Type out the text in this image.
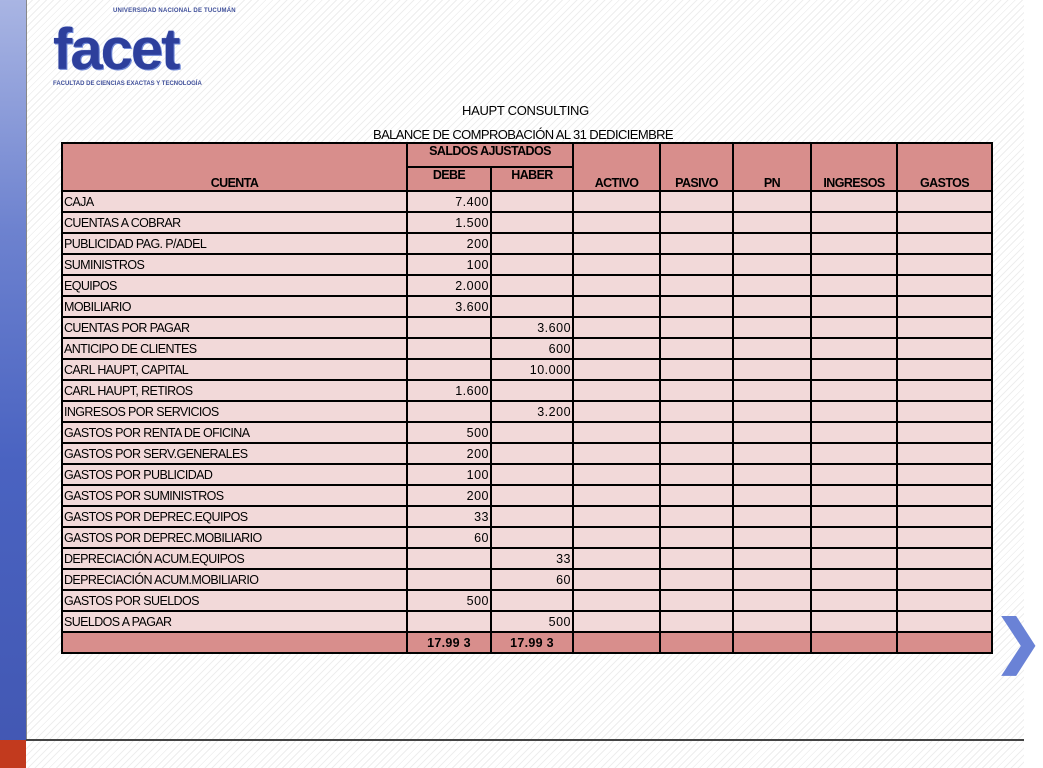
UNIVERSIDAD NACIONAL DE TUCUMÁN
facet
FACULTAD DE CIENCIAS EXACTAS Y TECNOLOGÍA
HAUPT CONSULTING
BALANCE DE COMPROBACIÓN AL 31 DEDICIEMBRE
CUENTA	SALDOS AJUSTADOS		ACTIVO	PASIVO	PN	INGRESOS	GASTOS
	DEBE	HABER					
CAJA	7.400						
CUENTAS A COBRAR	1.500						
PUBLICIDAD PAG. P/ADEL	200						
SUMINISTROS	100						
EQUIPOS	2.000						
MOBILIARIO	3.600						
CUENTAS POR PAGAR		3.600					
ANTICIPO DE CLIENTES		600					
CARL HAUPT, CAPITAL		10.000					
CARL HAUPT, RETIROS	1.600						
INGRESOS POR SERVICIOS		3.200					
GASTOS POR RENTA DE OFICINA	500						
GASTOS POR SERV.GENERALES	200						
GASTOS POR PUBLICIDAD	100						
GASTOS POR SUMINISTROS	200						
GASTOS POR DEPREC.EQUIPOS	33						
GASTOS POR DEPREC.MOBILIARIO	60						
DEPRECIACIÓN ACUM.EQUIPOS		33					
DEPRECIACIÓN ACUM.MOBILIARIO		60					
GASTOS POR SUELDOS	500						
SUELDOS A PAGAR		500					
	17.99 3	17.99 3						❯
